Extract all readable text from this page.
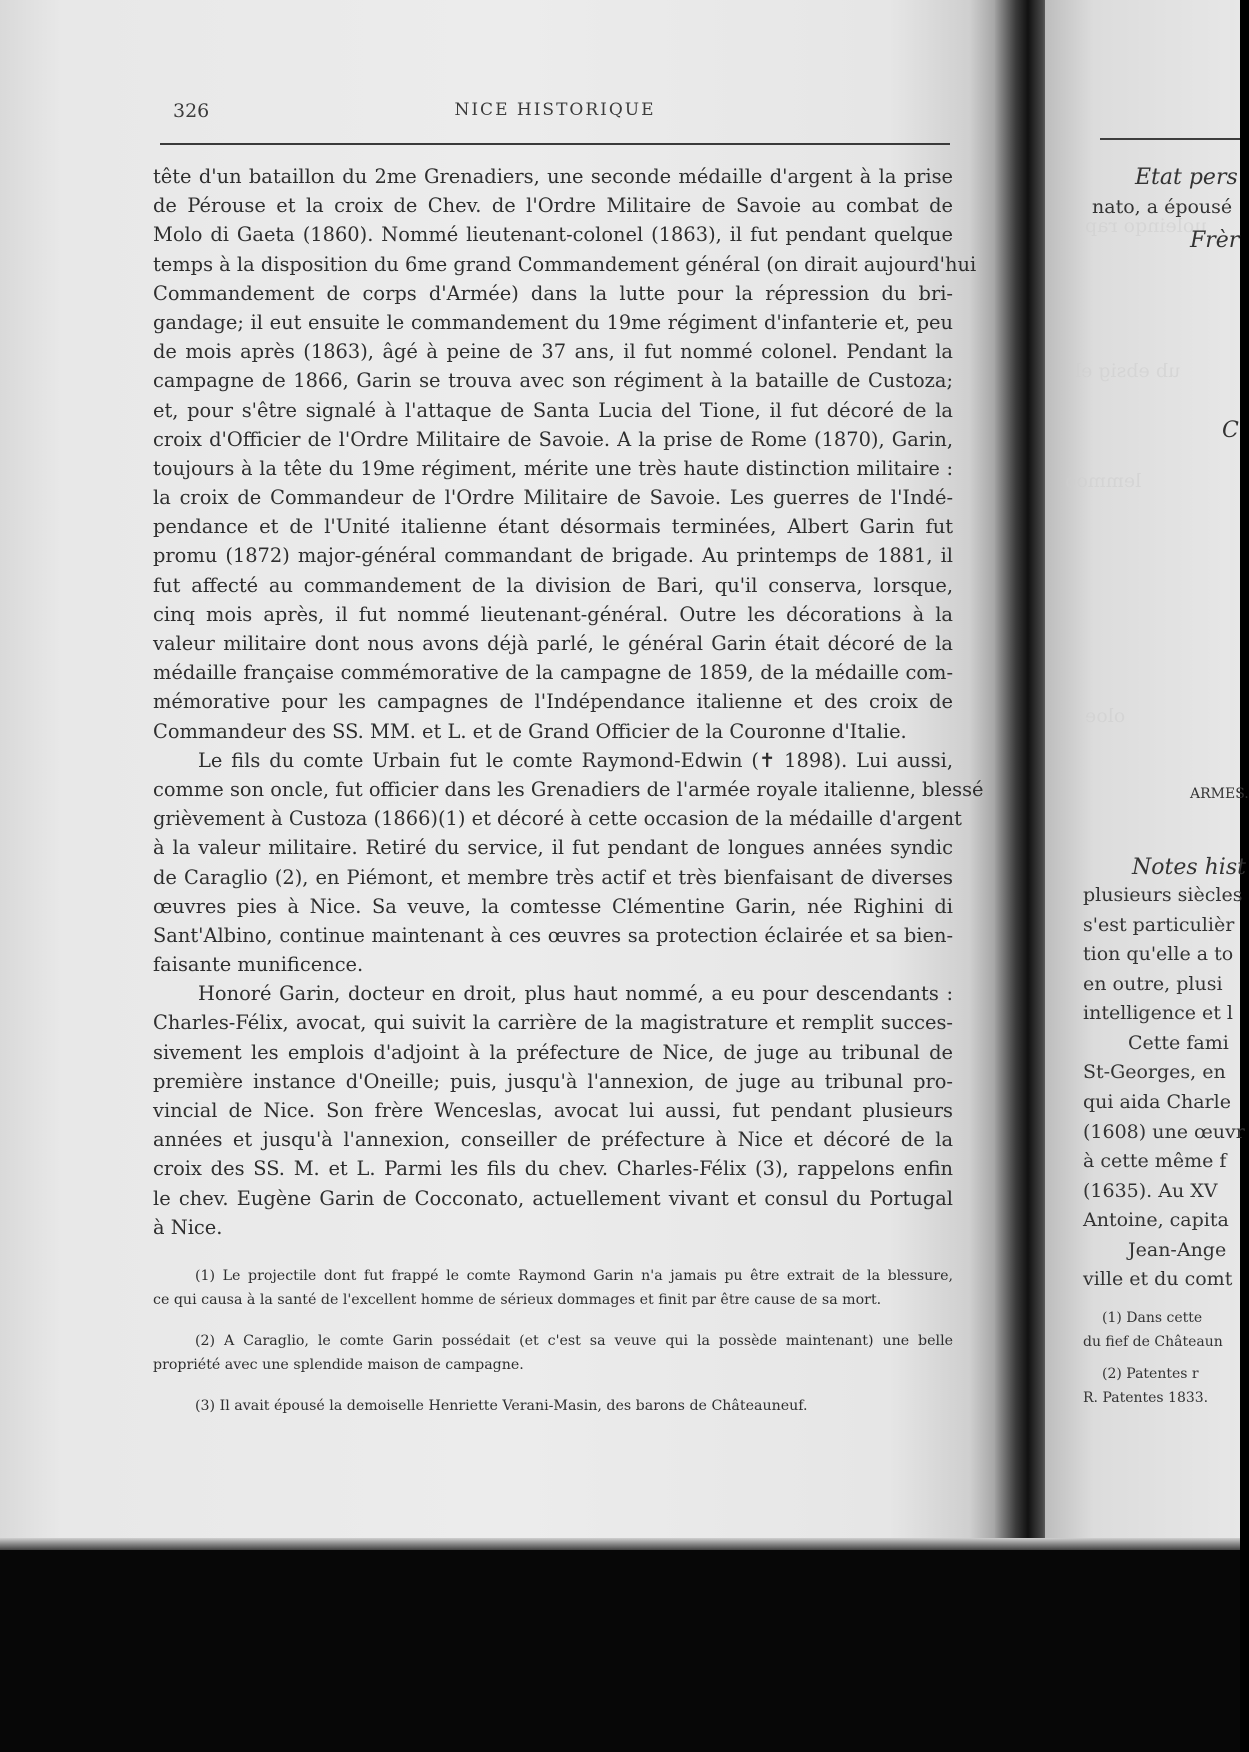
uoleinqo rap
ub ebsig el
lemmoo
oloe
326	NICE HISTORIQUE
tête d'un bataillon du 2me Grenadiers, une seconde médaille d'argent à la prise
de Pérouse et la croix de Chev. de l'Ordre Militaire de Savoie au combat de
Molo di Gaeta (1860). Nommé lieutenant-colonel (1863), il fut pendant quelque
temps à la disposition du 6me grand Commandement général (on dirait aujourd'hui
Commandement de corps d'Armée) dans la lutte pour la répression du bri-
gandage; il eut ensuite le commandement du 19me régiment d'infanterie et, peu
de mois après (1863), âgé à peine de 37 ans, il fut nommé colonel. Pendant la
campagne de 1866, Garin se trouva avec son régiment à la bataille de Custoza;
et, pour s'être signalé à l'attaque de Santa Lucia del Tione, il fut décoré de la
croix d'Officier de l'Ordre Militaire de Savoie. A la prise de Rome (1870), Garin,
toujours à la tête du 19me régiment, mérite une très haute distinction militaire :
la croix de Commandeur de l'Ordre Militaire de Savoie. Les guerres de l'Indé-
pendance et de l'Unité italienne étant désormais terminées, Albert Garin fut
promu (1872) major-général commandant de brigade. Au printemps de 1881, il
fut affecté au commandement de la division de Bari, qu'il conserva, lorsque,
cinq mois après, il fut nommé lieutenant-général. Outre les décorations à la
valeur militaire dont nous avons déjà parlé, le général Garin était décoré de la
médaille française commémorative de la campagne de 1859, de la médaille com-
mémorative pour les campagnes de l'Indépendance italienne et des croix de
Commandeur des SS. MM. et L. et de Grand Officier de la Couronne d'Italie.
Le fils du comte Urbain fut le comte Raymond-Edwin (✝ 1898). Lui aussi,
comme son oncle, fut officier dans les Grenadiers de l'armée royale italienne, blessé
grièvement à Custoza (1866)(1) et décoré à cette occasion de la médaille d'argent
à la valeur militaire. Retiré du service, il fut pendant de longues années syndic
de Caraglio (2), en Piémont, et membre très actif et très bienfaisant de diverses
œuvres pies à Nice. Sa veuve, la comtesse Clémentine Garin, née Righini di
Sant'Albino, continue maintenant à ces œuvres sa protection éclairée et sa bien-
faisante munificence.
Honoré Garin, docteur en droit, plus haut nommé, a eu pour descendants :
Charles-Félix, avocat, qui suivit la carrière de la magistrature et remplit succes-
sivement les emplois d'adjoint à la préfecture de Nice, de juge au tribunal de
première instance d'Oneille; puis, jusqu'à l'annexion, de juge au tribunal pro-
vincial de Nice. Son frère Wenceslas, avocat lui aussi, fut pendant plusieurs
années et jusqu'à l'annexion, conseiller de préfecture à Nice et décoré de la
croix des SS. M. et L. Parmi les fils du chev. Charles-Félix (3), rappelons enfin
le chev. Eugène Garin de Cocconato, actuellement vivant et consul du Portugal
à Nice.
(1) Le projectile dont fut frappé le comte Raymond Garin n'a jamais pu être extrait de la blessure,
ce qui causa à la santé de l'excellent homme de sérieux dommages et finit par être cause de sa mort.
(2) A Caraglio, le comte Garin possédait (et c'est sa veuve qui la possède maintenant) une belle
propriété avec une splendide maison de campagne.
(3) Il avait épousé la demoiselle Henriette Verani-Masin, des barons de Châteauneuf.
Etat pers
nato, a épousé
Frèr
C
ARMES.
Notes hist
plusieurs siècles
s'est particulièr
tion qu'elle a to
en outre, plusi
intelligence et l
Cette fami
St-Georges, en
qui aida Charle
(1608) une œuvr
à cette même f
(1635). Au XV
Antoine, capita
Jean-Ange
ville et du comt
(1) Dans cette
du fief de Châteaun
(2) Patentes r
R. Patentes 1833.
